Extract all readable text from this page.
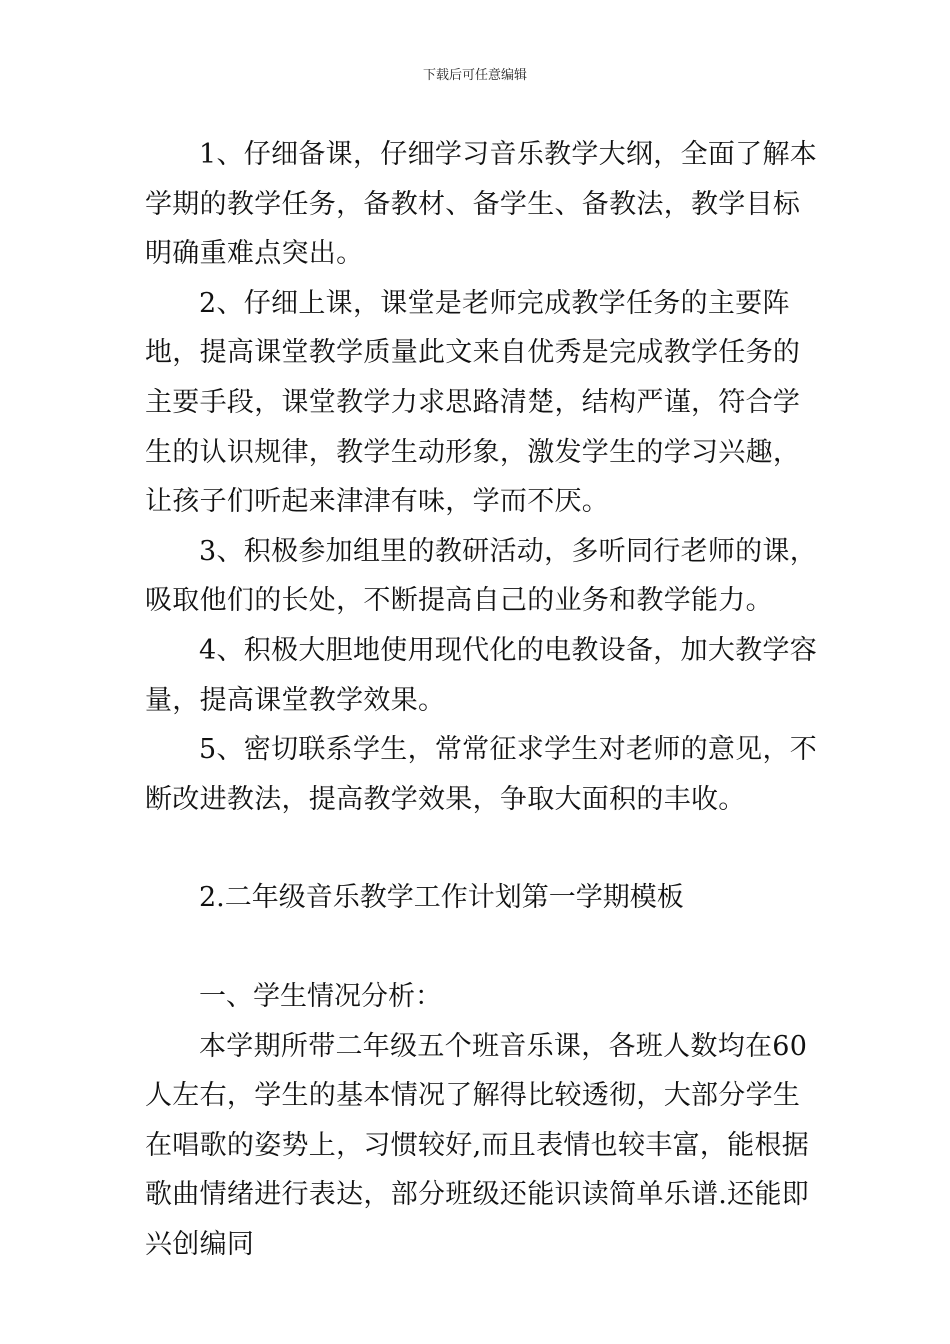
下载后可任意编辑

1、仔细备课，仔细学习音乐教学大纲，全面了解本学期的教学任务，备教材、备学生、备教法，教学目标明确重难点突出。

2、仔细上课，课堂是老师完成教学任务的主要阵地，提高课堂教学质量此文来自优秀是完成教学任务的主要手段，课堂教学力求思路清楚，结构严谨，符合学生的认识规律，教学生动形象，激发学生的学习兴趣，让孩子们听起来津津有味，学而不厌。

3、积极参加组里的教研活动，多听同行老师的课，吸取他们的长处，不断提高自己的业务和教学能力。

4、积极大胆地使用现代化的电教设备，加大教学容量，提高课堂教学效果。

5、密切联系学生，常常征求学生对老师的意见，不断改进教法，提高教学效果，争取大面积的丰收。

2.二年级音乐教学工作计划第一学期模板

一、学生情况分析：

本学期所带二年级五个班音乐课，各班人数均在60人左右，学生的基本情况了解得比较透彻，大部分学生在唱歌的姿势上，习惯较好,而且表情也较丰富，能根据歌曲情绪进行表达，部分班级还能识读简单乐谱.还能即兴创编同
